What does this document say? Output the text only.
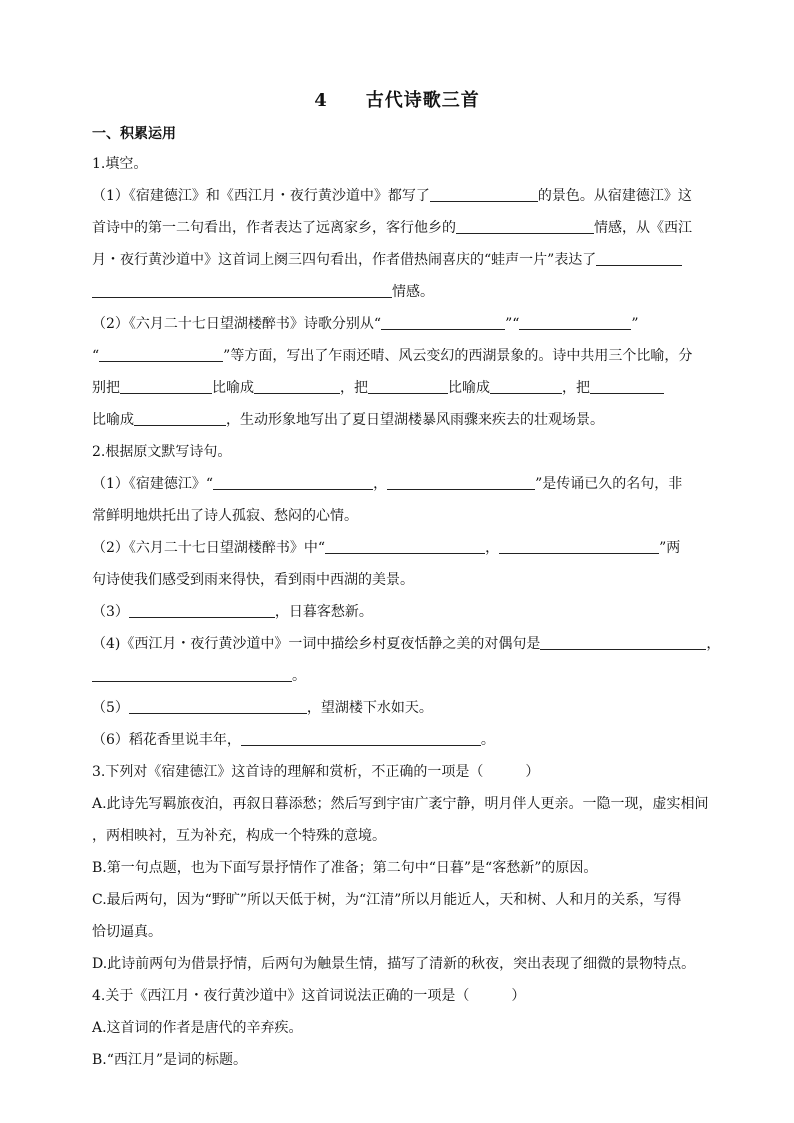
4 古代诗歌三首
一、积累运用
1.填空。
（1）《宿建德江》和《西江月・夜行黄沙道中》都写了	的景色。从宿建德江》这
首诗中的第一二句看出，作者表达了远离家乡，客行他乡的	情感，从《西江
月・夜行黄沙道中》这首词上阕三四句看出，作者借热闹喜庆的“蛙声一片”表达了
情感。
（2）《六月二十七日望湖楼醉书》诗歌分别从“	”“	”
“	”等方面，写出了乍雨还晴、风云变幻的西湖景象的。诗中共用三个比喻，分
别把	比喻成	，把	比喻成	，把
比喻成	，生动形象地写出了夏日望湖楼暴风雨骤来疾去的壮观场景。
2.根据原文默写诗句。
（1）《宿建德江》“	，	”是传诵已久的名句，非
常鲜明地烘托出了诗人孤寂、愁闷的心情。
（2）《六月二十七日望湖楼醉书》中“	，	”两
句诗使我们感受到雨来得快，看到雨中西湖的美景。
（3）	，日暮客愁新。
（4)《西江月・夜行黄沙道中》一词中描绘乡村夏夜恬静之美的对偶句是	，
。
（5）	，望湖楼下水如天。
（6）稻花香里说丰年，	。
3.下列对《宿建德江》这首诗的理解和赏析，不正确的一项是（　　　）
A.此诗先写羁旅夜泊，再叙日暮添愁；然后写到宇宙广袤宁静，明月伴人更亲。一隐一现，虚实相间
，两相映衬，互为补充，构成一个特殊的意境。
B.第一句点题，也为下面写景抒情作了准备；第二句中“日暮”是“客愁新”的原因。
C.最后两句，因为“野旷”所以天低于树，为“江清”所以月能近人，天和树、人和月的关系，写得
恰切逼真。
D.此诗前两句为借景抒情，后两句为触景生情，描写了清新的秋夜，突出表现了细微的景物特点。
4.关于《西江月・夜行黄沙道中》这首词说法正确的一项是（　　　）
A.这首词的作者是唐代的辛弃疾。
B.“西江月”是词的标题。
